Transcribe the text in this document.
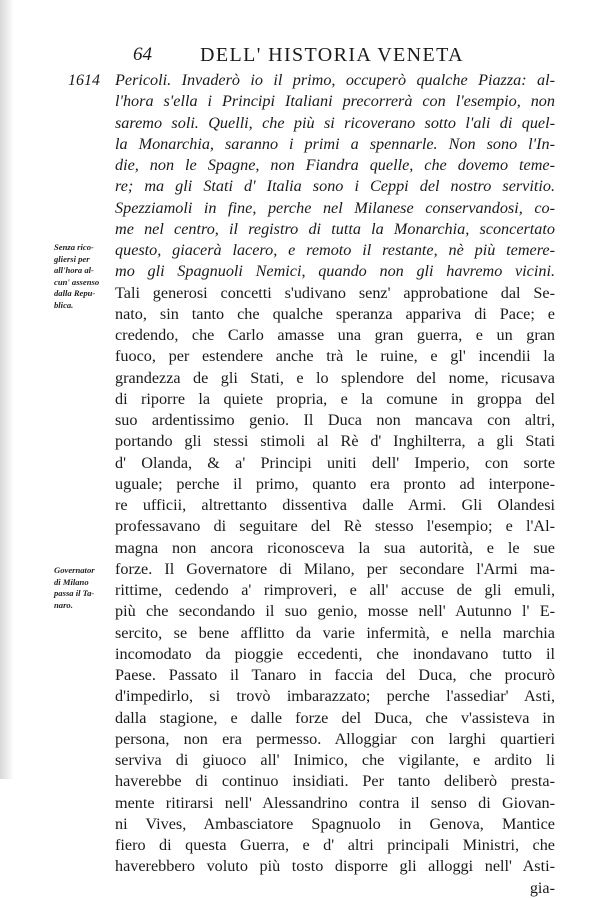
64 DELL' HISTORIA VENETA
1614
Senza rico-
gliersi per
all'hora al-
cun' assenso
dalla Repu-
blica.
Governator
di Milano
passa il Ta-
naro.
Pericoli. Invaderò io il primo, occuperò qualche Piazza: al-
l'hora s'ella i Principi Italiani precorrerà con l'esempio, non
saremo soli. Quelli, che più si ricoverano sotto l'ali di quel-
la Monarchia, saranno i primi a spennarle. Non sono l'In-
die, non le Spagne, non Fiandra quelle, che dovemo teme-
re; ma gli Stati d' Italia sono i Ceppi del nostro servitio.
Spezziamoli in fine, perche nel Milanese conservandosi, co-
me nel centro, il registro di tutta la Monarchia, sconcertato
questo, giacerà lacero, e remoto il restante, nè più temere-
mo gli Spagnuoli Nemici, quando non gli havremo vicini.
Tali generosi concetti s'udivano senz' approbatione dal Se-
nato, sin tanto che qualche speranza appariva di Pace; e
credendo, che Carlo amasse una gran guerra, e un gran
fuoco, per estendere anche trà le ruine, e gl' incendii la
grandezza de gli Stati, e lo splendore del nome, ricusava
di riporre la quiete propria, e la comune in groppa del
suo ardentissimo genio. Il Duca non mancava con altri,
portando gli stessi stimoli al Rè d' Inghilterra, a gli Stati
d' Olanda, & a' Principi uniti dell' Imperio, con sorte
uguale; perche il primo, quanto era pronto ad interpone-
re ufficii, altrettanto dissentiva dalle Armi. Gli Olandesi
professavano di seguitare del Rè stesso l'esempio; e l'Al-
magna non ancora riconosceva la sua autorità, e le sue
forze. Il Governatore di Milano, per secondare l'Armi ma-
rittime, cedendo a' rimproveri, e all' accuse de gli emuli,
più che secondando il suo genio, mosse nell' Autunno l' E-
sercito, se bene afflitto da varie infermità, e nella marchia
incomodato da pioggie eccedenti, che inondavano tutto il
Paese. Passato il Tanaro in faccia del Duca, che procurò
d'impedirlo, si trovò imbarazzato; perche l'assediar' Asti,
dalla stagione, e dalle forze del Duca, che v'assisteva in
persona, non era permesso. Alloggiar con larghi quartieri
serviva di giuoco all' Inimico, che vigilante, e ardito li
haverebbe di continuo insidiati. Per tanto deliberò presta-
mente ritirarsi nell' Alessandrino contra il senso di Giovan-
ni Vives, Ambasciatore Spagnuolo in Genova, Mantice
fiero di questa Guerra, e d' altri principali Ministri, che
haverebbero voluto più tosto disporre gli alloggi nell' Asti-
gia-
